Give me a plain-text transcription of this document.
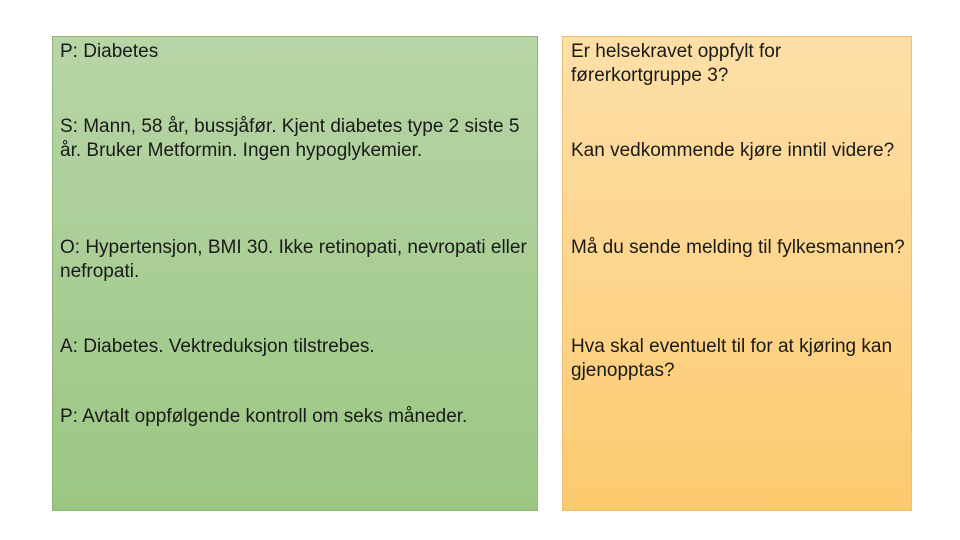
P: Diabetes

S: Mann, 58 år, bussjåfør. Kjent diabetes type 2 siste 5 år. Bruker Metformin. Ingen hypoglykemier.

O: Hypertensjon, BMI 30. Ikke retinopati, nevropati eller nefropati.

A: Diabetes. Vektreduksjon tilstrebes.

P: Avtalt oppfølgende kontroll om seks måneder.

Er helsekravet oppfylt for førerkortgruppe 3?

Kan vedkommende kjøre inntil videre?

Må du sende melding til fylkesmannen?

Hva skal eventuelt til for at kjøring kan gjenopptas?
